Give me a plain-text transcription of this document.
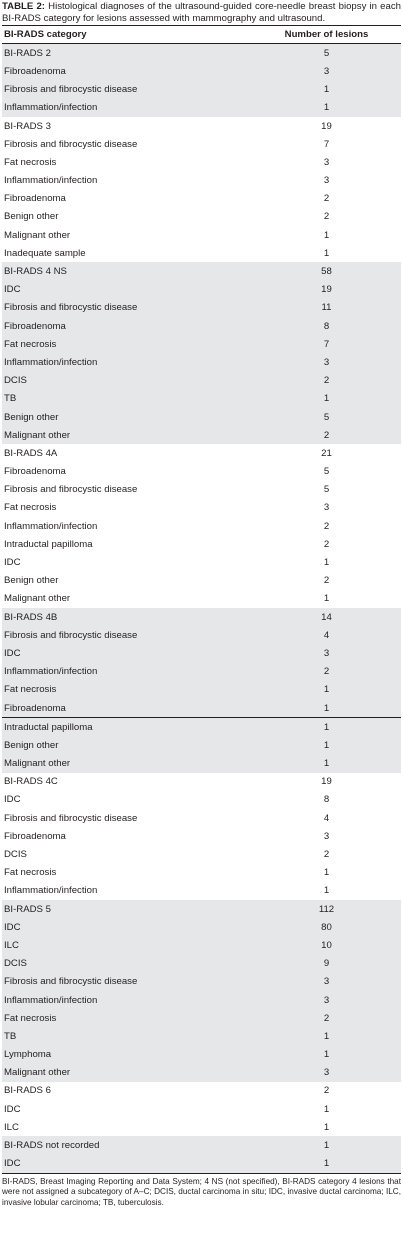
TABLE 2: Histological diagnoses of the ultrasound-guided core-needle breast biopsy in each BI-RADS category for lesions assessed with mammography and ultrasound.

BI-RADS category	Number of lesions
BI-RADS 2	5
Fibroadenoma	3
Fibrosis and fibrocystic disease	1
Inflammation/infection	1
BI-RADS 3	19
Fibrosis and fibrocystic disease	7
Fat necrosis	3
Inflammation/infection	3
Fibroadenoma	2
Benign other	2
Malignant other	1
Inadequate sample	1
BI-RADS 4 NS	58
IDC	19
Fibrosis and fibrocystic disease	11
Fibroadenoma	8
Fat necrosis	7
Inflammation/infection	3
DCIS	2
TB	1
Benign other	5
Malignant other	2
BI-RADS 4A	21
Fibroadenoma	5
Fibrosis and fibrocystic disease	5
Fat necrosis	3
Inflammation/infection	2
Intraductal papilloma	2
IDC	1
Benign other	2
Malignant other	1
BI-RADS 4B	14
Fibrosis and fibrocystic disease	4
IDC	3
Inflammation/infection	2
Fat necrosis	1
Fibroadenoma	1
Intraductal papilloma	1
Benign other	1
Malignant other	1
BI-RADS 4C	19
IDC	8
Fibrosis and fibrocystic disease	4
Fibroadenoma	3
DCIS	2
Fat necrosis	1
Inflammation/infection	1
BI-RADS 5	112
IDC	80
ILC	10
DCIS	9
Fibrosis and fibrocystic disease	3
Inflammation/infection	3
Fat necrosis	2
TB	1
Lymphoma	1
Malignant other	3
BI-RADS 6	2
IDC	1
ILC	1
BI-RADS not recorded	1
IDC	1

BI-RADS, Breast Imaging Reporting and Data System; 4 NS (not specified), BI-RADS category 4 lesions that were not assigned a subcategory of A–C; DCIS, ductal carcinoma in situ; IDC, invasive ductal carcinoma; ILC, invasive lobular carcinoma; TB, tuberculosis.
